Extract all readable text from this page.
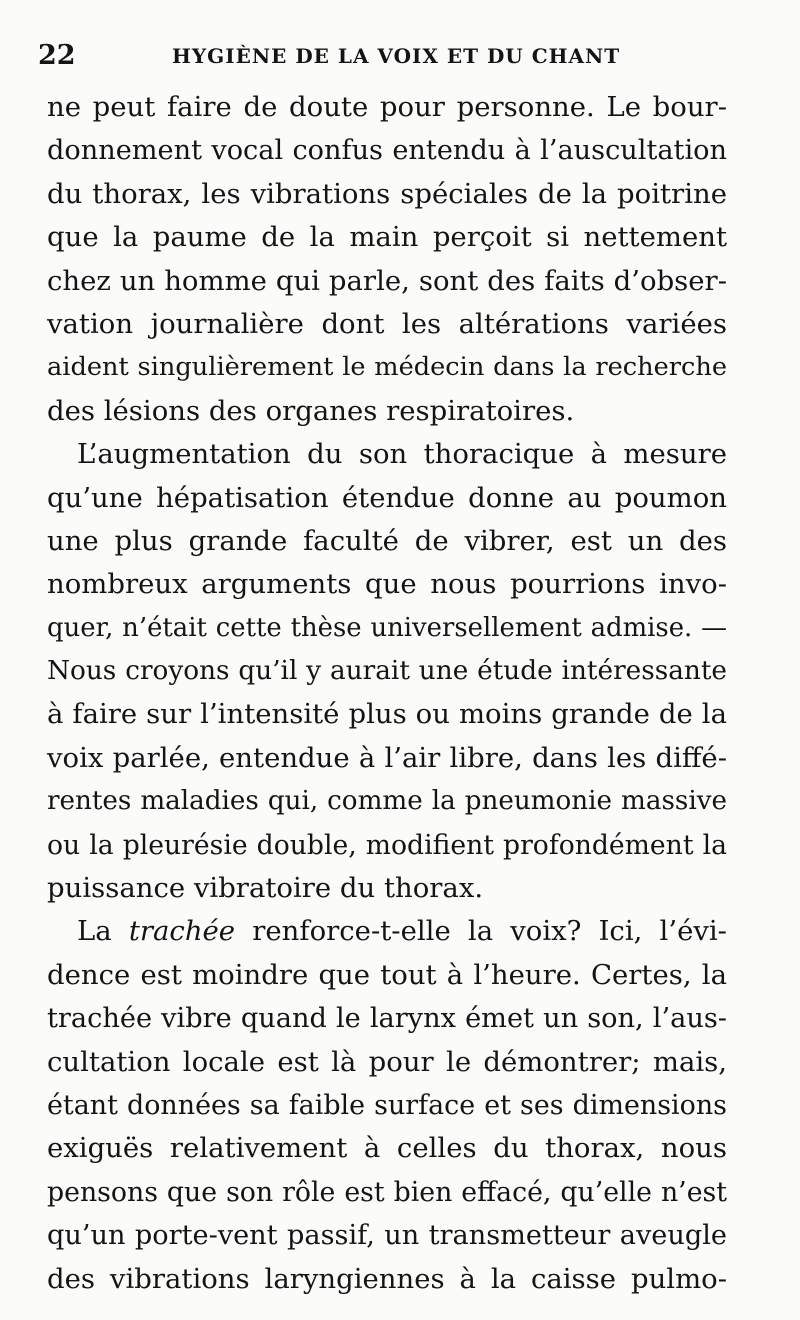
22	HYGIÈNE DE LA VOIX ET DU CHANT
ne peut faire de doute pour personne. Le bour-
donnement vocal confus entendu à l’auscultation
du thorax, les vibrations spéciales de la poitrine
que la paume de la main perçoit si nettement
chez un homme qui parle, sont des faits d’obser-
vation journalière dont les altérations variées
aident singulièrement le médecin dans la recherche
des lésions des organes respiratoires.
L’augmentation du son thoracique à mesure
qu’une hépatisation étendue donne au poumon
une plus grande faculté de vibrer, est un des
nombreux arguments que nous pourrions invo-
quer, n’était cette thèse universellement admise. —
Nous croyons qu’il y aurait une étude intéressante
à faire sur l’intensité plus ou moins grande de la
voix parlée, entendue à l’air libre, dans les diffé-
rentes maladies qui, comme la pneumonie massive
ou la pleurésie double, modifient profondément la
puissance vibratoire du thorax.
La trachée renforce-t-elle la voix? Ici, l’évi-
dence est moindre que tout à l’heure. Certes, la
trachée vibre quand le larynx émet un son, l’aus-
cultation locale est là pour le démontrer; mais,
étant données sa faible surface et ses dimensions
exiguës relativement à celles du thorax, nous
pensons que son rôle est bien effacé, qu’elle n’est
qu’un porte-vent passif, un transmetteur aveugle
des vibrations laryngiennes à la caisse pulmo-
